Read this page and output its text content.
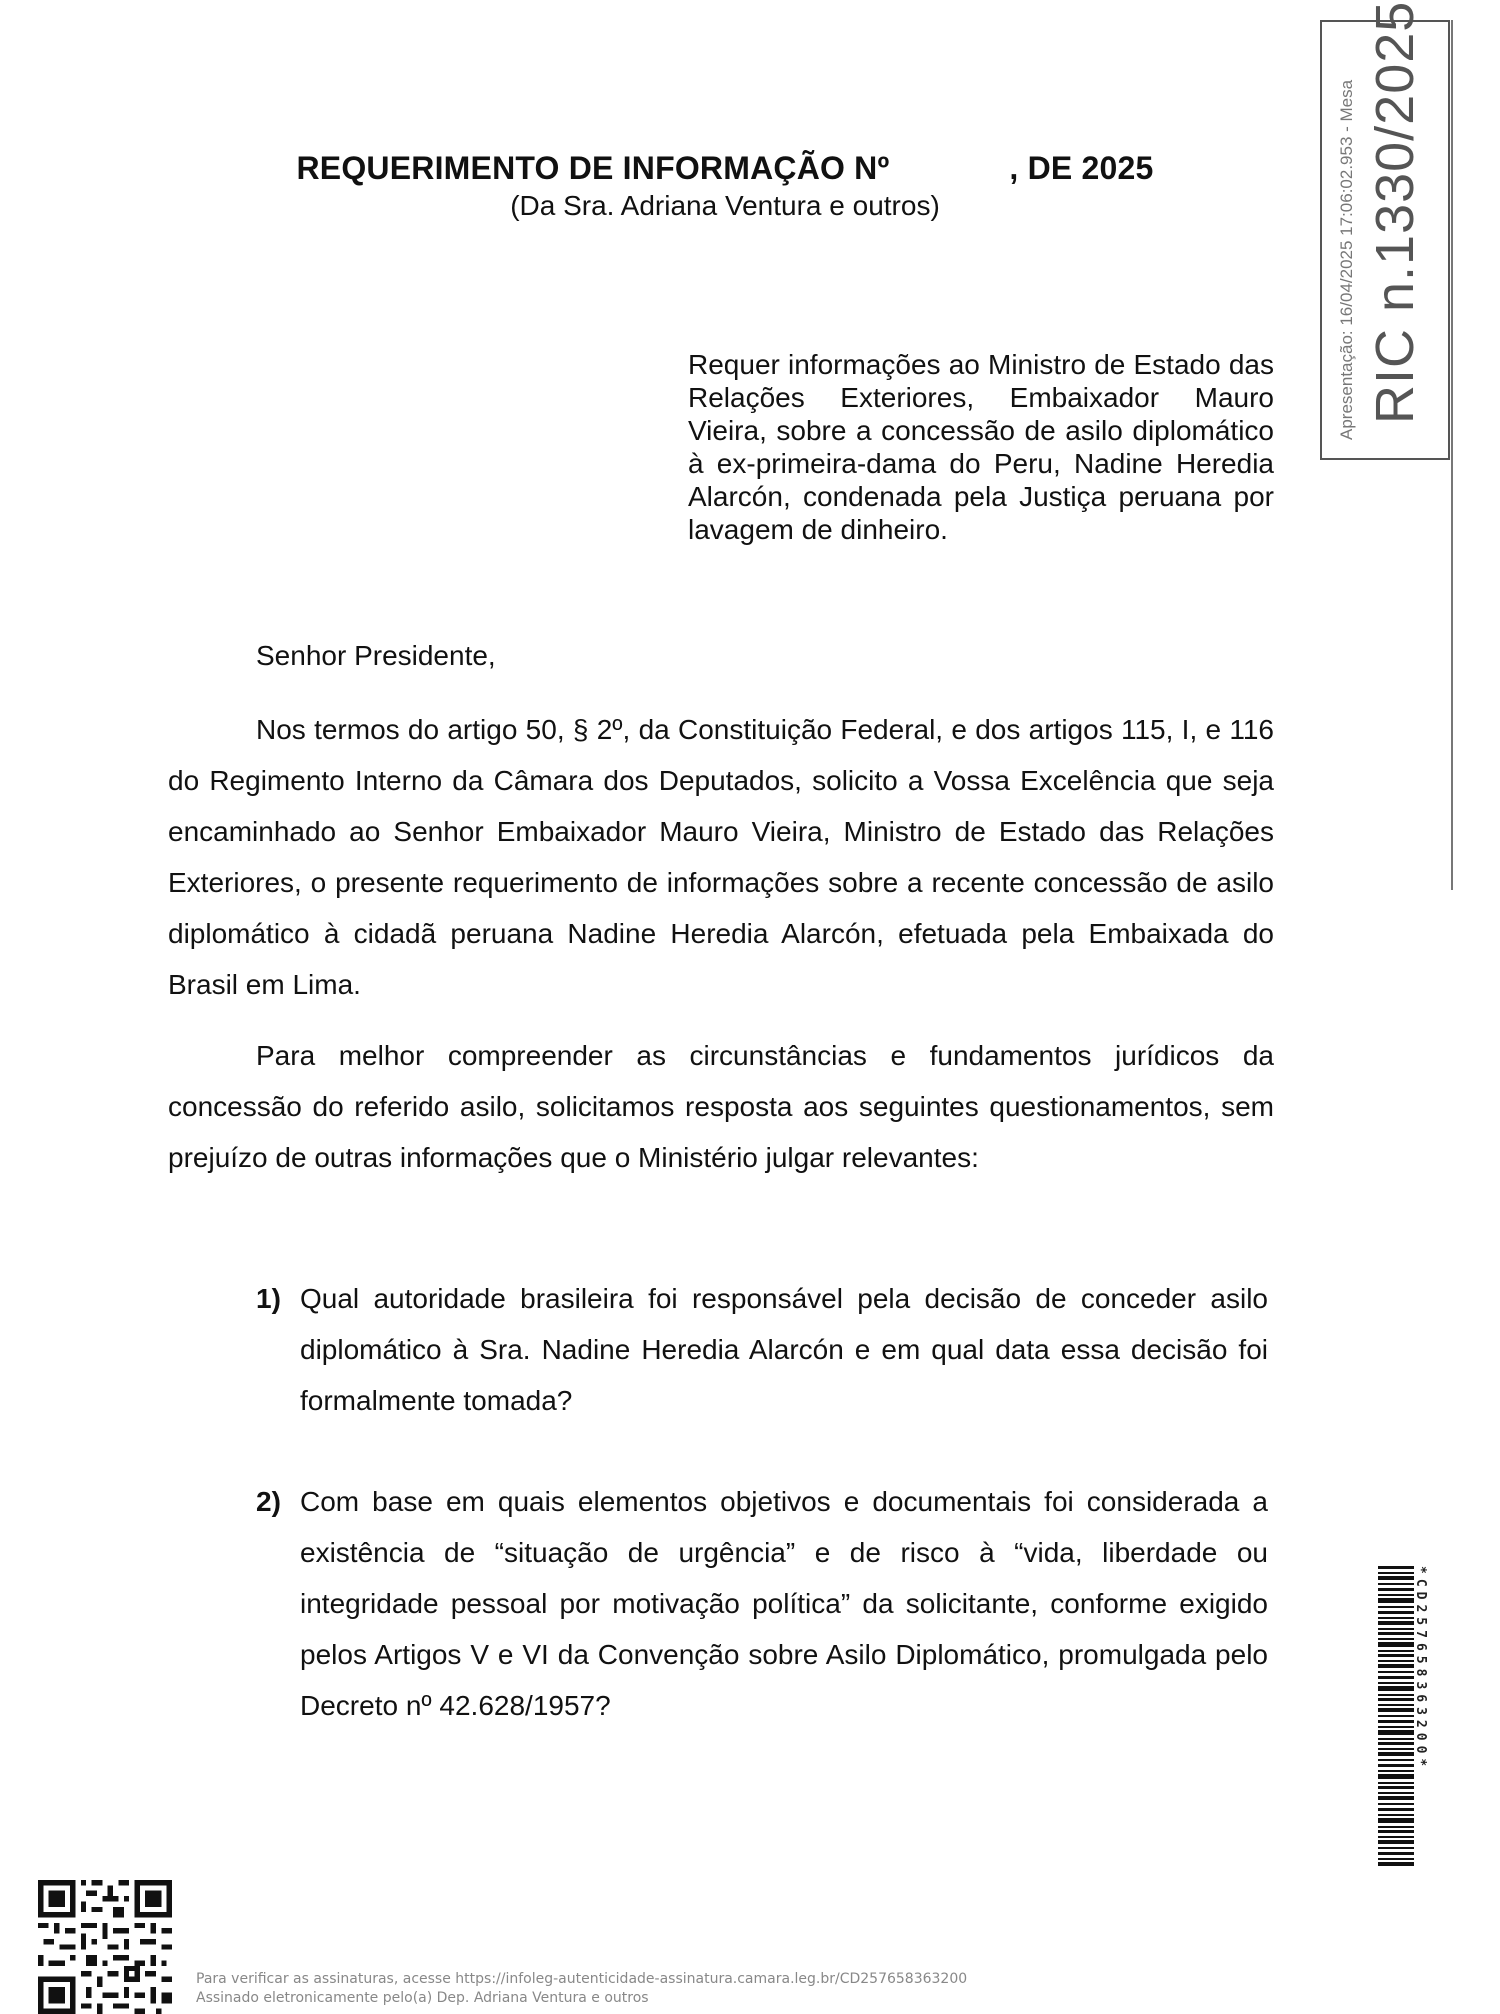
REQUERIMENTO DE INFORMAÇÃO Nº	, DE 2025
(Da Sra. Adriana Ventura e outros)
Requer informações ao Ministro de Estado das Relações Exteriores, Embaixador Mauro Vieira, sobre a concessão de asilo diplomático à ex-primeira-dama do Peru, Nadine Heredia Alarcón, condenada pela Justiça peruana por lavagem de dinheiro.
Senhor Presidente,
Nos termos do artigo 50, § 2º, da Constituição Federal, e dos artigos 115, I, e 116 do Regimento Interno da Câmara dos Deputados, solicito a Vossa Excelência que seja encaminhado ao Senhor Embaixador Mauro Vieira, Ministro de Estado das Relações Exteriores, o presente requerimento de informações sobre a recente concessão de asilo diplomático à cidadã peruana Nadine Heredia Alarcón, efetuada pela Embaixada do Brasil em Lima.
Para melhor compreender as circunstâncias e fundamentos jurídicos da concessão do referido asilo, solicitamos resposta aos seguintes questionamentos, sem prejuízo de outras informações que o Ministério julgar relevantes:
1) Qual autoridade brasileira foi responsável pela decisão de conceder asilo diplomático à Sra. Nadine Heredia Alarcón e em qual data essa decisão foi formalmente tomada?
2) Com base em quais elementos objetivos e documentais foi considerada a existência de “situação de urgência” e de risco à “vida, liberdade ou integridade pessoal por motivação política” da solicitante, conforme exigido pelos Artigos V e VI da Convenção sobre Asilo Diplomático, promulgada pelo Decreto nº 42.628/1957?
Apresentação: 16/04/2025 17:06:02.953 - Mesa RIC n.1330/2025
*CD257658363200*
Para verificar as assinaturas, acesse https://infoleg-autenticidade-assinatura.camara.leg.br/CD257658363200
Assinado eletronicamente pelo(a) Dep. Adriana Ventura e outros
